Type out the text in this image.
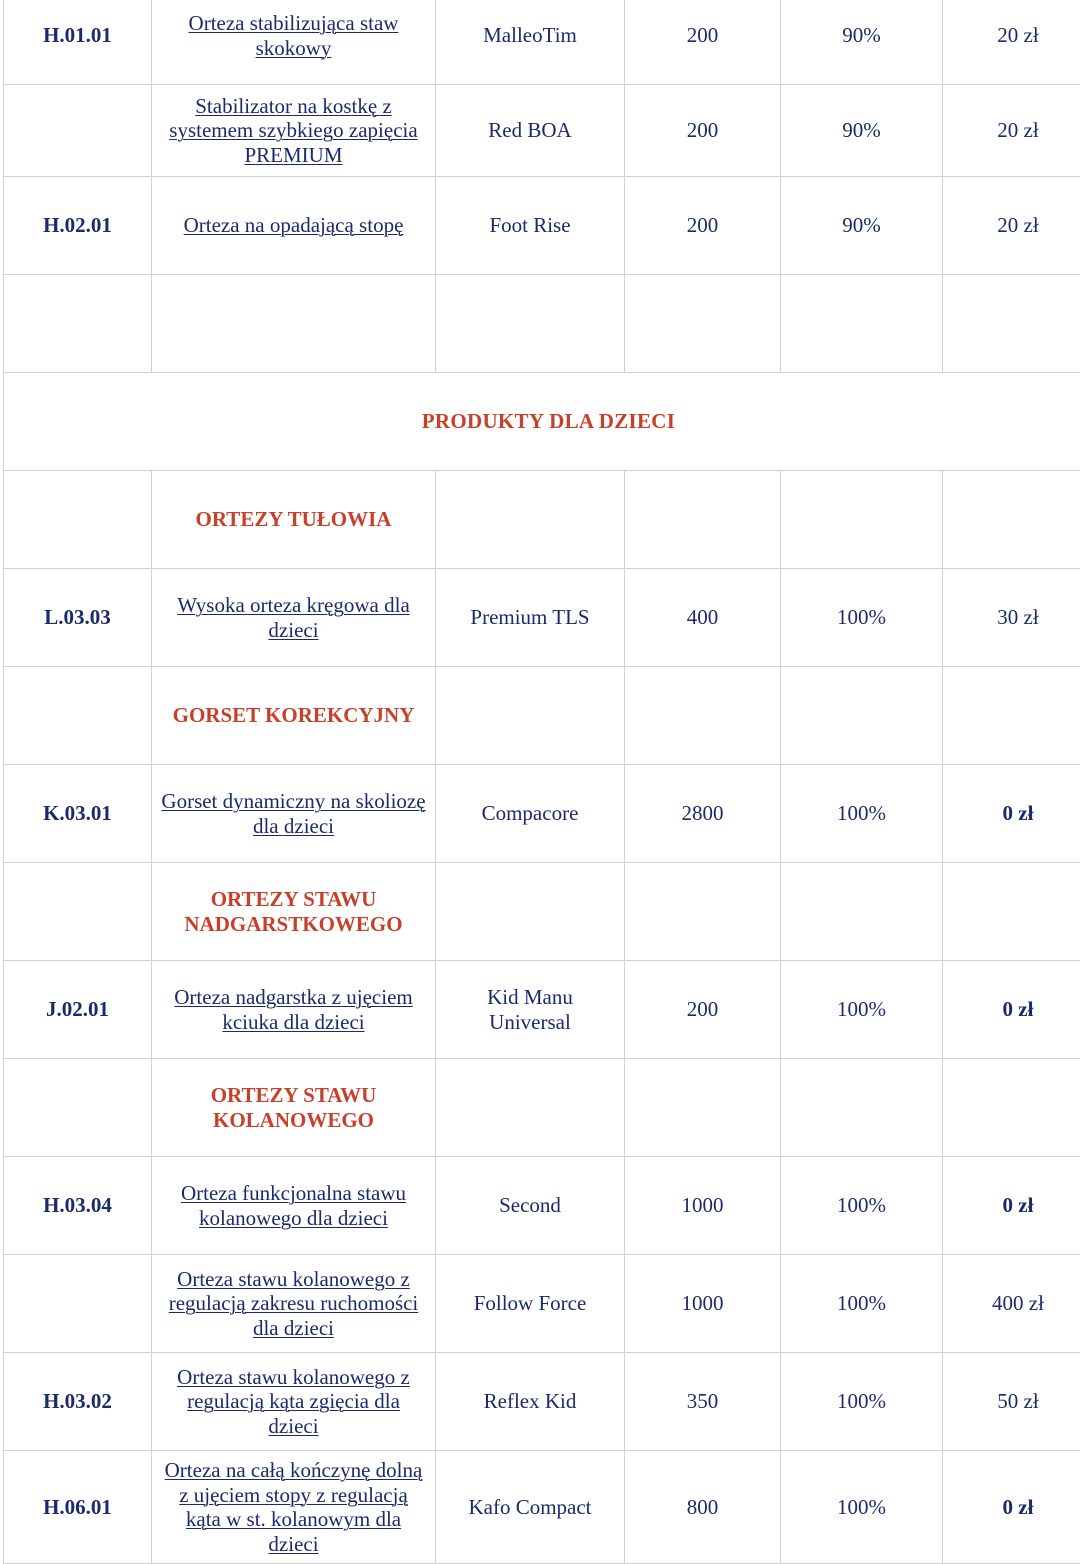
H.01.01	Orteza stabilizująca staw skokowy	MalleoTim	200	90%	20 zł
	Stabilizator na kostkę z systemem szybkiego zapięcia PREMIUM	Red BOA	200	90%	20 zł
H.02.01	Orteza na opadającą stopę	Foot Rise	200	90%	20 zł

PRODUKTY DLA DZIECI					
	ORTEZY TUŁOWIA				
L.03.03	Wysoka orteza kręgowa dla dzieci	Premium TLS	400	100%	30 zł
	GORSET KOREKCYJNY				
K.03.01	Gorset dynamiczny na skoliozę dla dzieci	Compacore	2800	100%	0 zł
	ORTEZY STAWU NADGARSTKOWEGO				
J.02.01	Orteza nadgarstka z ujęciem kciuka dla dzieci	Kid Manu Universal	200	100%	0 zł
	ORTEZY STAWU KOLANOWEGO				
H.03.04	Orteza funkcjonalna stawu kolanowego dla dzieci	Second	1000	100%	0 zł
	Orteza stawu kolanowego z regulacją zakresu ruchomości dla dzieci	Follow Force	1000	100%	400 zł
H.03.02	Orteza stawu kolanowego z regulacją kąta zgięcia dla dzieci	Reflex Kid	350	100%	50 zł
H.06.01	Orteza na całą kończynę dolną z ujęciem stopy z regulacją kąta w st. kolanowym dla dzieci	Kafo Compact	800	100%	0 zł
